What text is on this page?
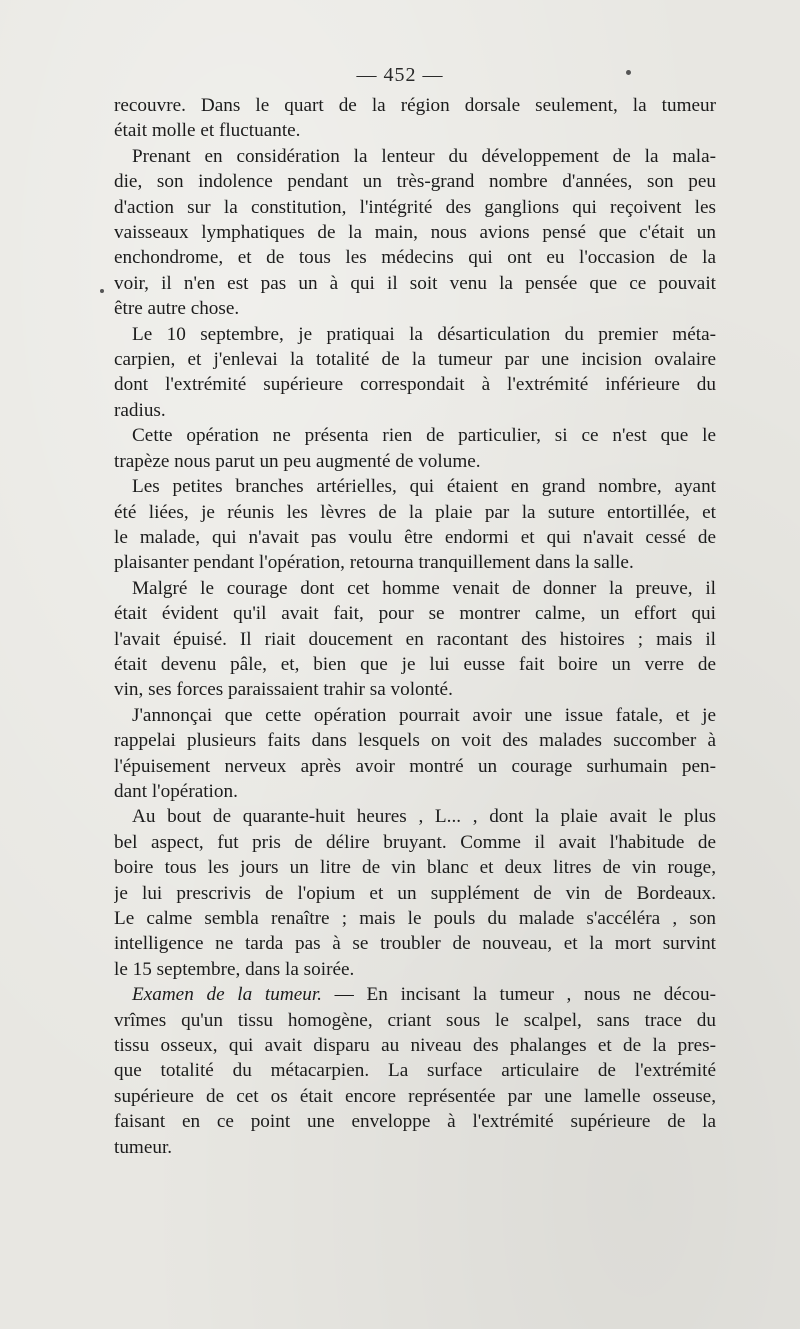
— 452 —
recouvre. Dans le quart de la région dorsale seulement, la tumeur
était molle et fluctuante.
Prenant en considération la lenteur du développement de la mala-
die, son indolence pendant un très-grand nombre d'années, son peu
d'action sur la constitution, l'intégrité des ganglions qui reçoivent les
vaisseaux lymphatiques de la main, nous avions pensé que c'était un
enchondrome, et de tous les médecins qui ont eu l'occasion de la
voir, il n'en est pas un à qui il soit venu la pensée que ce pouvait
être autre chose.
Le 10 septembre, je pratiquai la désarticulation du premier méta-
carpien, et j'enlevai la totalité de la tumeur par une incision ovalaire
dont l'extrémité supérieure correspondait à l'extrémité inférieure du
radius.
Cette opération ne présenta rien de particulier, si ce n'est que le
trapèze nous parut un peu augmenté de volume.
Les petites branches artérielles, qui étaient en grand nombre, ayant
été liées, je réunis les lèvres de la plaie par la suture entortillée, et
le malade, qui n'avait pas voulu être endormi et qui n'avait cessé de
plaisanter pendant l'opération, retourna tranquillement dans la salle.
Malgré le courage dont cet homme venait de donner la preuve, il
était évident qu'il avait fait, pour se montrer calme, un effort qui
l'avait épuisé. Il riait doucement en racontant des histoires ; mais il
était devenu pâle, et, bien que je lui eusse fait boire un verre de
vin, ses forces paraissaient trahir sa volonté.
J'annonçai que cette opération pourrait avoir une issue fatale, et je
rappelai plusieurs faits dans lesquels on voit des malades succomber à
l'épuisement nerveux après avoir montré un courage surhumain pen-
dant l'opération.
Au bout de quarante-huit heures , L... , dont la plaie avait le plus
bel aspect, fut pris de délire bruyant. Comme il avait l'habitude de
boire tous les jours un litre de vin blanc et deux litres de vin rouge,
je lui prescrivis de l'opium et un supplément de vin de Bordeaux.
Le calme sembla renaître ; mais le pouls du malade s'accéléra , son
intelligence ne tarda pas à se troubler de nouveau, et la mort survint
le 15 septembre, dans la soirée.
Examen de la tumeur. — En incisant la tumeur , nous ne décou-
vrîmes qu'un tissu homogène, criant sous le scalpel, sans trace du
tissu osseux, qui avait disparu au niveau des phalanges et de la pres-
que totalité du métacarpien. La surface articulaire de l'extrémité
supérieure de cet os était encore représentée par une lamelle osseuse,
faisant en ce point une enveloppe à l'extrémité supérieure de la
tumeur.
